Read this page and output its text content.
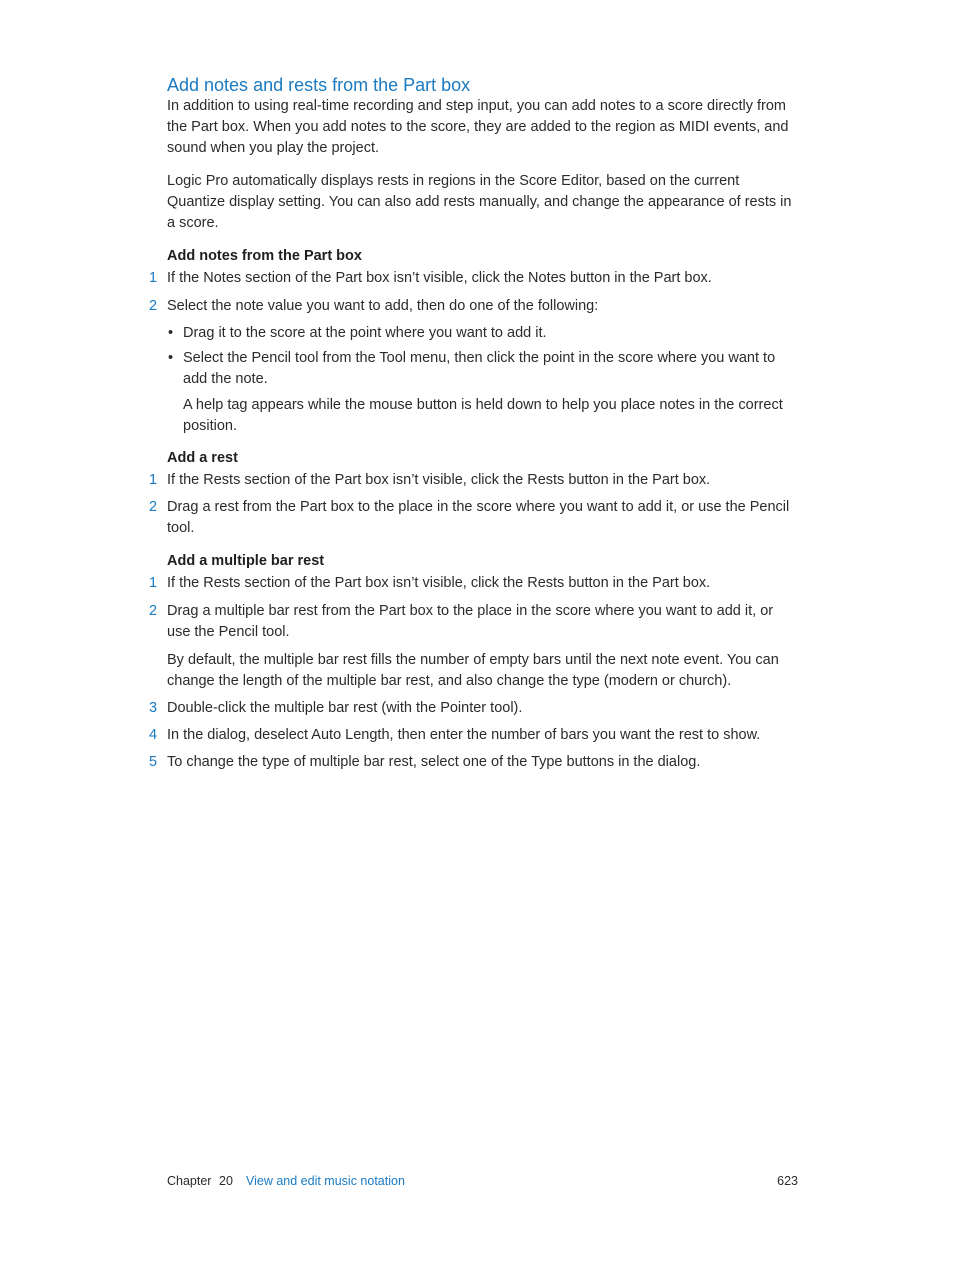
Add notes and rests from the Part box

In addition to using real-time recording and step input, you can add notes to a score directly from the Part box. When you add notes to the score, they are added to the region as MIDI events, and sound when you play the project.

Logic Pro automatically displays rests in regions in the Score Editor, based on the current Quantize display setting. You can also add rests manually, and change the appearance of rests in a score.

Add notes from the Part box
1 If the Notes section of the Part box isn’t visible, click the Notes button in the Part box.
2 Select the note value you want to add, then do one of the following:
• Drag it to the score at the point where you want to add it.
• Select the Pencil tool from the Tool menu, then click the point in the score where you want to add the note.

A help tag appears while the mouse button is held down to help you place notes in the correct position.

Add a rest
1 If the Rests section of the Part box isn’t visible, click the Rests button in the Part box.
2 Drag a rest from the Part box to the place in the score where you want to add it, or use the Pencil tool.
Add a multiple bar rest
1 If the Rests section of the Part box isn’t visible, click the Rests button in the Part box.
2 Drag a multiple bar rest from the Part box to the place in the score where you want to add it, or use the Pencil tool.

By default, the multiple bar rest fills the number of empty bars until the next note event. You can change the length of the multiple bar rest, and also change the type (modern or church).

3 Double-click the multiple bar rest (with the Pointer tool).
4 In the dialog, deselect Auto Length, then enter the number of bars you want the rest to show.
5 To change the type of multiple bar rest, select one of the Type buttons in the dialog.
Chapter 20 View and edit music notation	623
